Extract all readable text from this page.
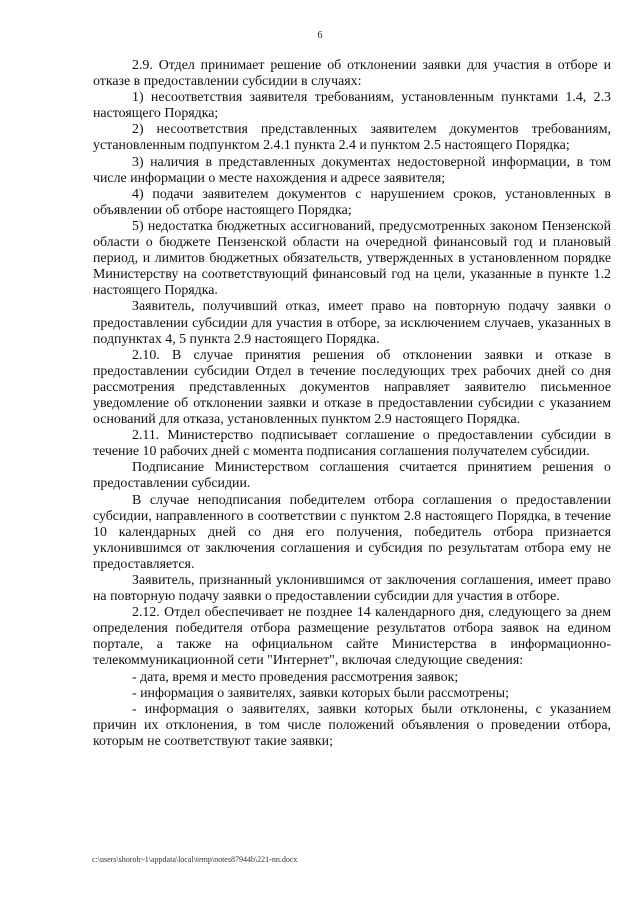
6

2.9. Отдел принимает решение об отклонении заявки для участия в отборе и отказе в предоставлении субсидии в случаях:

1) несоответствия заявителя требованиям, установленным пунктами 1.4, 2.3 настоящего Порядка;

2) несоответствия представленных заявителем документов требованиям, установленным подпунктом 2.4.1 пункта 2.4 и пунктом 2.5 настоящего Порядка;

3) наличия в представленных документах недостоверной информации, в том числе информации о месте нахождения и адресе заявителя;

4) подачи заявителем документов с нарушением сроков, установленных в объявлении об отборе настоящего Порядка;

5) недостатка бюджетных ассигнований, предусмотренных законом Пензенской области о бюджете Пензенской области на очередной финансовый год и плановый период, и лимитов бюджетных обязательств, утвержденных в установленном порядке Министерству на соответствующий финансовый год на цели, указанные в пункте 1.2 настоящего Порядка.

Заявитель, получивший отказ, имеет право на повторную подачу заявки о предоставлении субсидии для участия в отборе, за исключением случаев, указанных в подпунктах 4, 5 пункта 2.9 настоящего Порядка.

2.10. В случае принятия решения об отклонении заявки и отказе в предоставлении субсидии Отдел в течение последующих трех рабочих дней со дня рассмотрения представленных документов направляет заявителю письменное уведомление об отклонении заявки и отказе в предоставлении субсидии с указанием оснований для отказа, установленных пунктом 2.9 настоящего Порядка.

2.11. Министерство подписывает соглашение о предоставлении субсидии в течение 10 рабочих дней с момента подписания соглашения получателем субсидии.

Подписание Министерством соглашения считается принятием решения о предоставлении субсидии.

В случае неподписания победителем отбора соглашения о предоставлении субсидии, направленного в соответствии с пунктом 2.8 настоящего Порядка, в течение 10 календарных дней со дня его получения, победитель отбора признается уклонившимся от заключения соглашения и субсидия по результатам отбора ему не предоставляется.

Заявитель, признанный уклонившимся от заключения соглашения, имеет право на повторную подачу заявки о предоставлении субсидии для участия в отборе.

2.12. Отдел обеспечивает не позднее 14 календарного дня, следующего за днем определения победителя отбора размещение результатов отбора заявок на едином портале, а также на официальном сайте Министерства в информационно-телекоммуникационной сети "Интернет", включая следующие сведения:

- дата, время и место проведения рассмотрения заявок;

- информация о заявителях, заявки которых были рассмотрены;

- информация о заявителях, заявки которых были отклонены, с указанием причин их отклонения, в том числе положений объявления о проведении отбора, которым не соответствуют такие заявки;

c:\users\shoroh~1\appdata\local\temp\notes87944b\221-nn.docx
